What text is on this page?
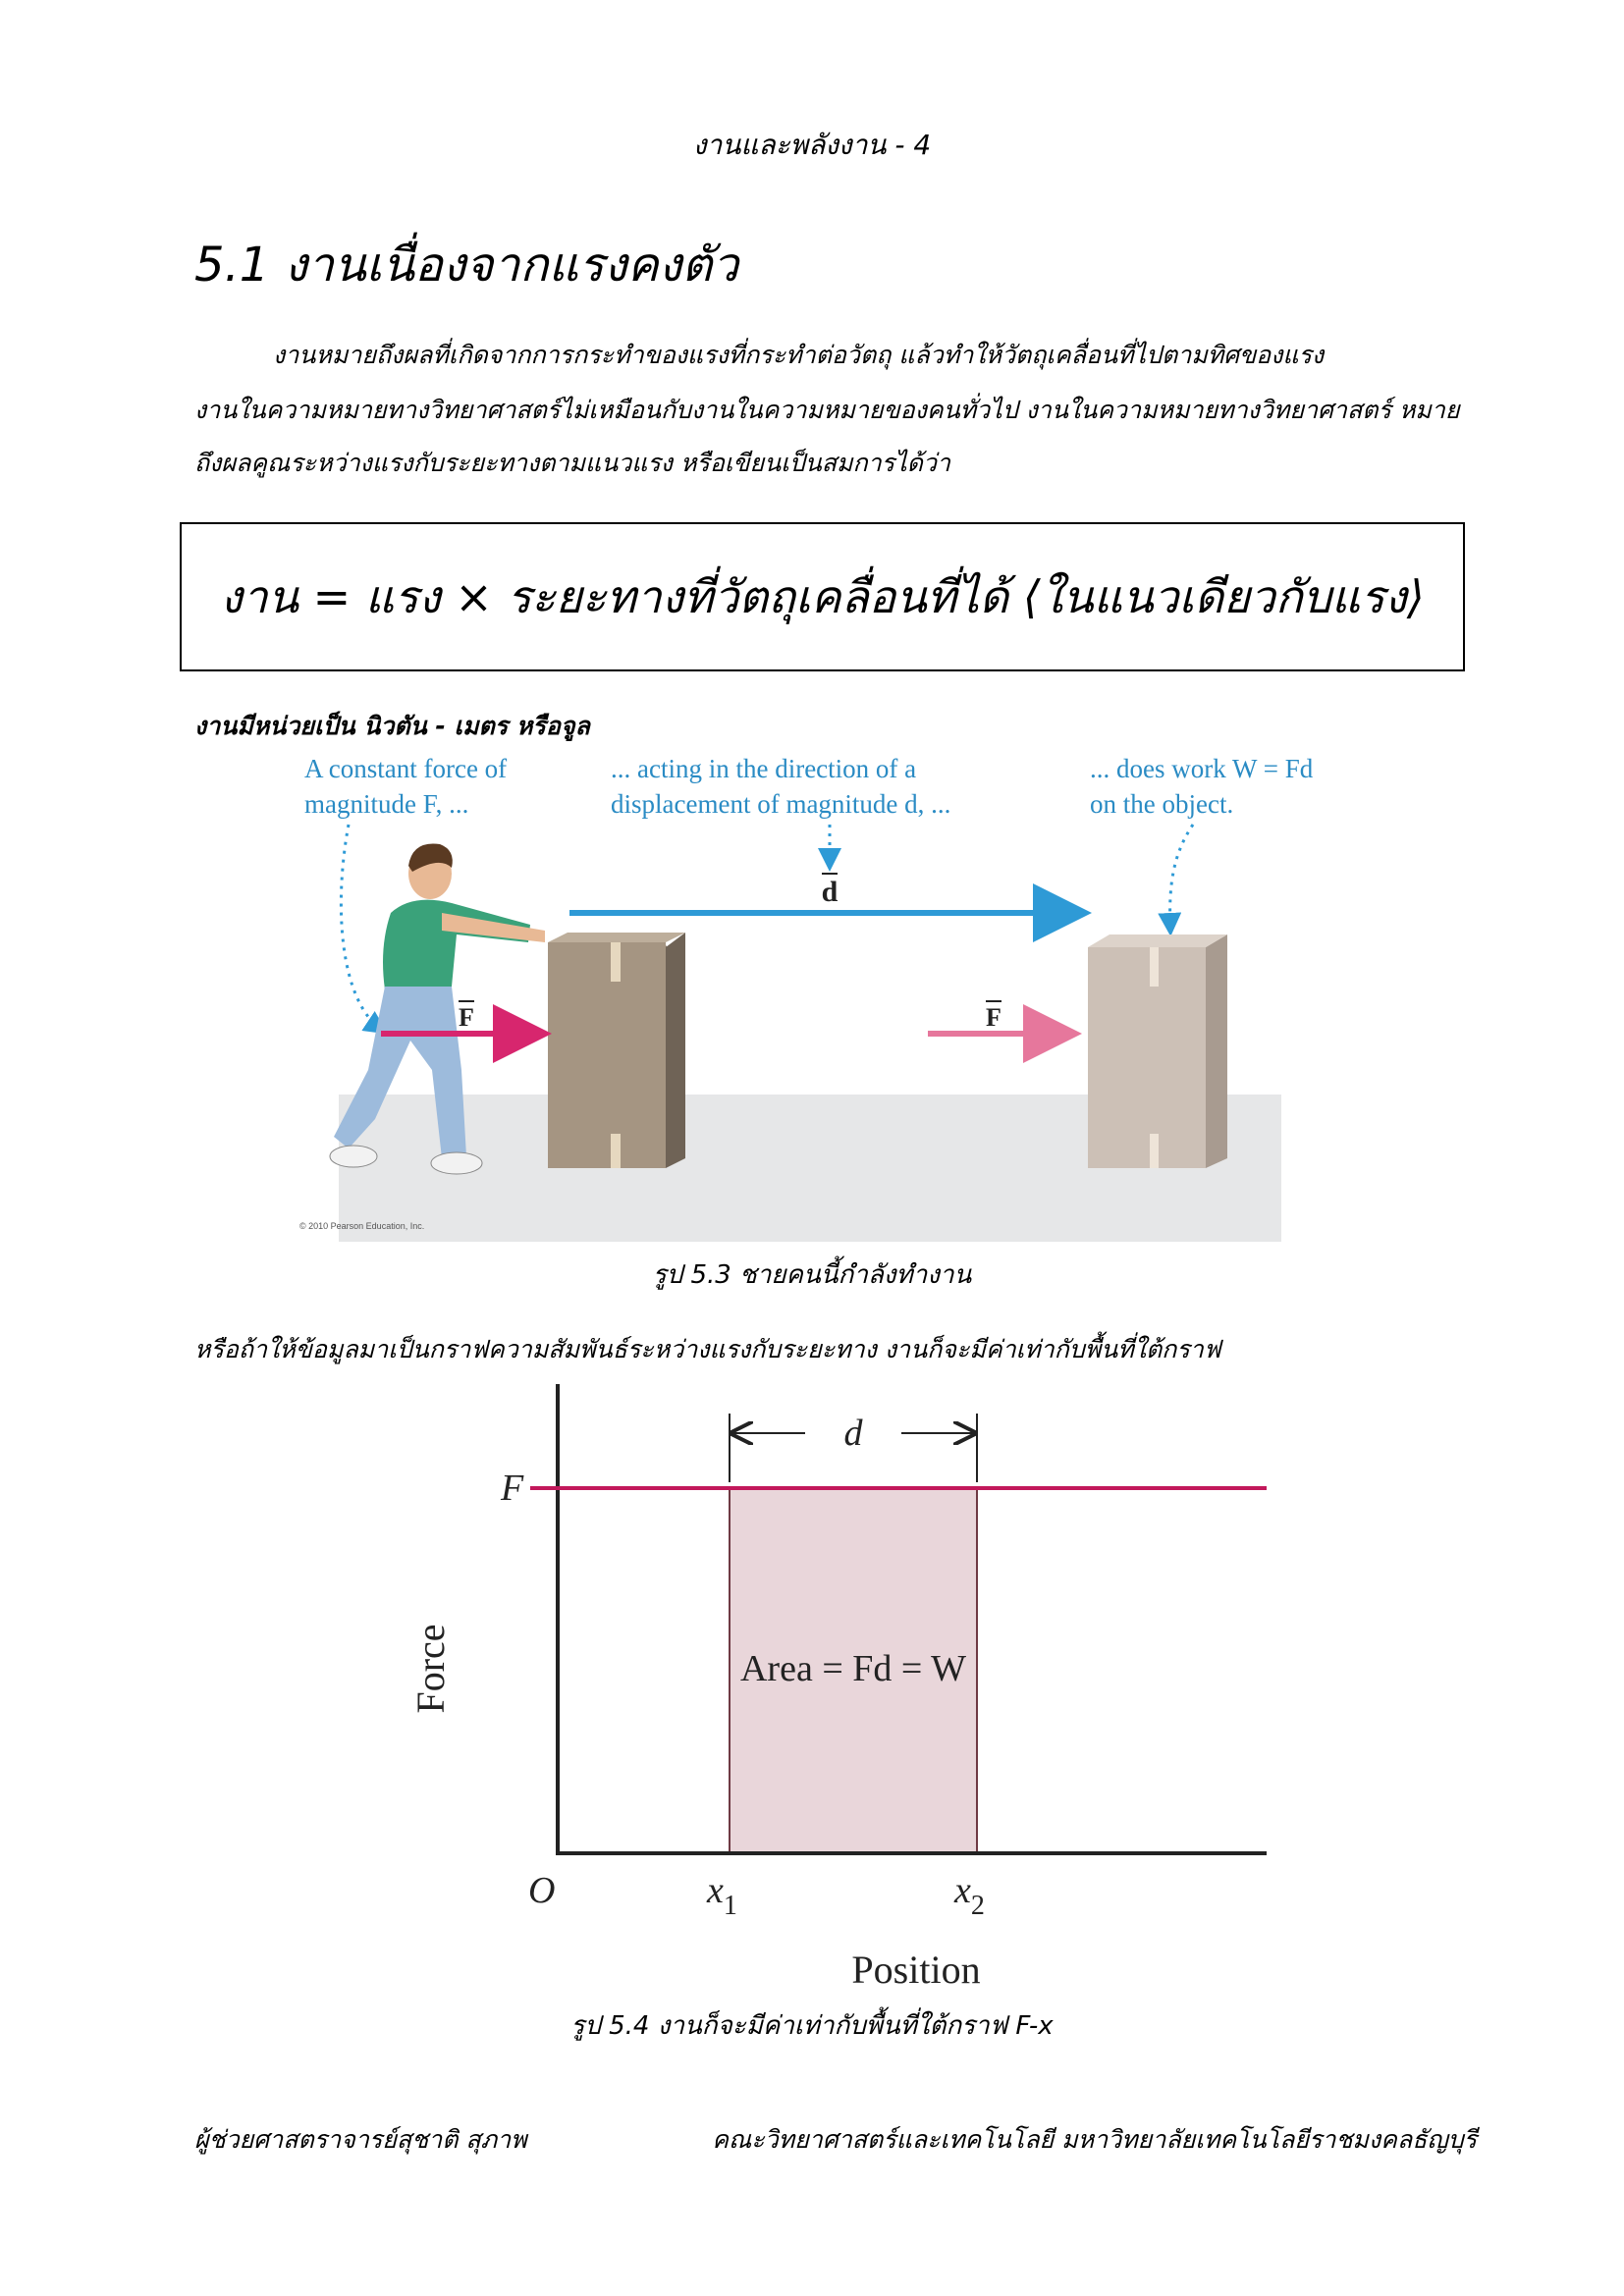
งานและพลังงาน - 4
5.1 งานเนื่องจากแรงคงตัว
งานหมายถึงผลที่เกิดจากการกระทำของแรงที่กระทำต่อวัตถุ แล้วทำให้วัตถุเคลื่อนที่ไปตามทิศของแรง
งานในความหมายทางวิทยาศาสตร์ไม่เหมือนกับงานในความหมายของคนทั่วไป งานในความหมายทางวิทยาศาสตร์ หมายถึงผลคูณระหว่างแรงกับระยะทางตามแนวแรง หรือเขียนเป็นสมการได้ว่า
งาน = แรง × ระยะทางที่วัตถุเคลื่อนที่ได้ ⟨ในแนวเดียวกับแรง⟩
งานมีหน่วยเป็น นิวตัน - เมตร หรือจูล
A constant force of
magnitude F, ...
... acting in the direction of a
displacement of magnitude d, ...
... does work W = Fd
on the object.
d
F	F
© 2010 Pearson Education, Inc.
รูป 5.3 ชายคนนี้กำลังทำงาน
หรือถ้าให้ข้อมูลมาเป็นกราฟความสัมพันธ์ระหว่างแรงกับระยะทาง งานก็จะมีค่าเท่ากับพื้นที่ใต้กราฟ
d
F
Force
Position
O	$x_1$	$x_2$
Area = Fd = W
รูป 5.4 งานก็จะมีค่าเท่ากับพื้นที่ใต้กราฟ F-x
ผู้ช่วยศาสตราจารย์สุชาติ สุภาพ	คณะวิทยาศาสตร์และเทคโนโลยี มหาวิทยาลัยเทคโนโลยีราชมงคลธัญบุรี
